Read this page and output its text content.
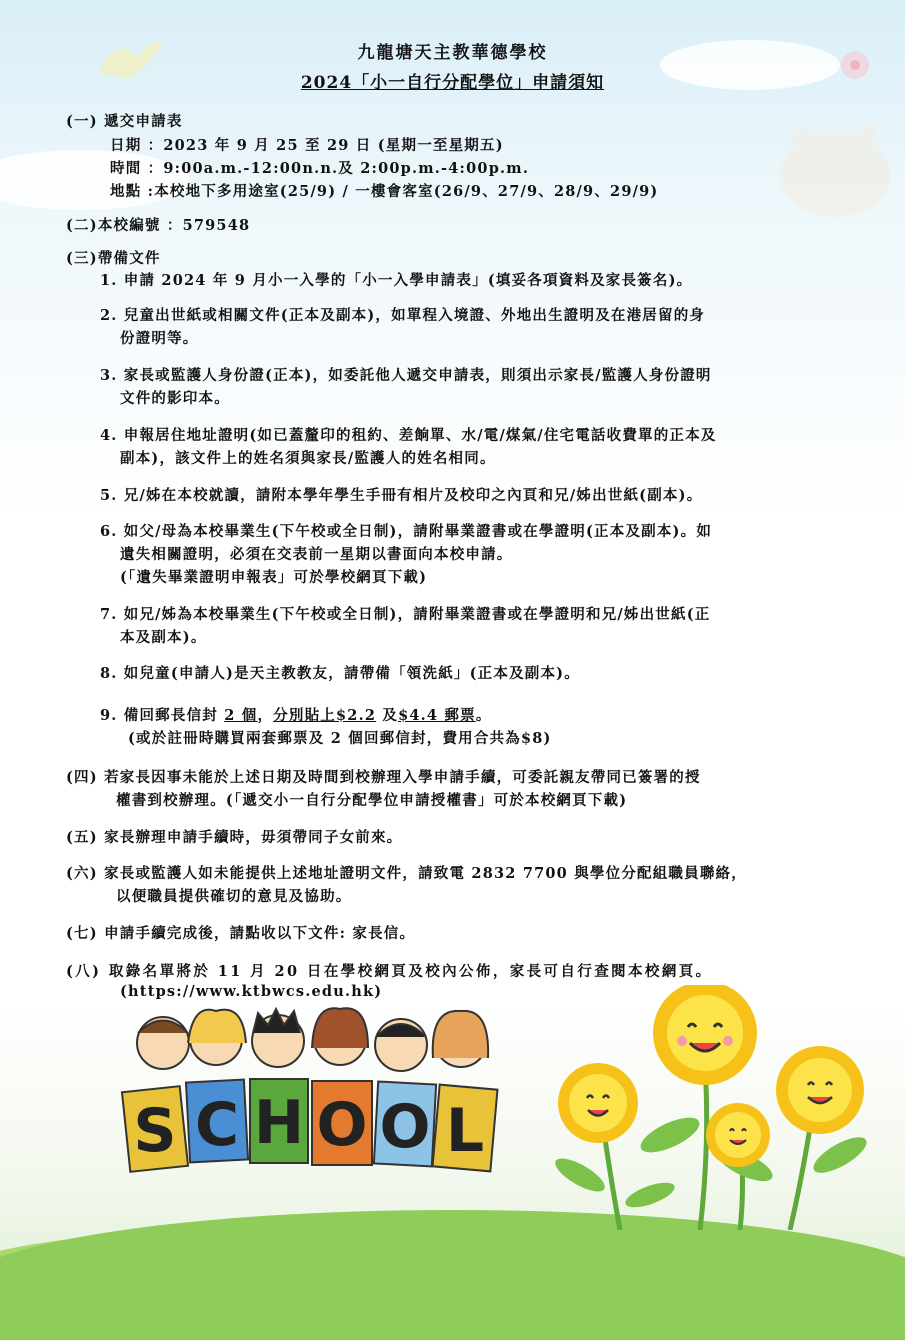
九龍塘天主教華德學校
2024「小一自行分配學位」申請須知
(一) 遞交申請表
日期 ：2023 年 9 月 25 至 29 日 (星期一至星期五)
時間 ：9:00a.m.-12:00n.n.及 2:00p.m.-4:00p.m.
地點 :本校地下多用途室(25/9) / 一樓會客室(26/9、27/9、28/9、29/9)
(二)本校編號 ：579548
(三)帶備文件
1. 申請 2024 年 9 月小一入學的「小一入學申請表」(填妥各項資料及家長簽名)。
2. 兒童出世紙或相關文件(正本及副本)，如單程入境證、外地出生證明及在港居留的身
份證明等。
3. 家長或監護人身份證(正本)，如委託他人遞交申請表，則須出示家長/監護人身份證明
文件的影印本。
4. 申報居住地址證明(如已蓋釐印的租約、差餉單、水/電/煤氣/住宅電話收費單的正本及
副本)，該文件上的姓名須與家長/監護人的姓名相同。
5. 兄/姊在本校就讀，請附本學年學生手冊有相片及校印之內頁和兄/姊出世紙(副本)。
6. 如父/母為本校畢業生(下午校或全日制)，請附畢業證書或在學證明(正本及副本)。如
遺失相關證明，必須在交表前一星期以書面向本校申請。
(「遺失畢業證明申報表」可於學校網頁下載)
7. 如兄/姊為本校畢業生(下午校或全日制)，請附畢業證書或在學證明和兄/姊出世紙(正
本及副本)。
8. 如兒童(申請人)是天主教教友，請帶備「領洗紙」(正本及副本)。
9. 備回郵長信封 2 個，分別貼上$2.2 及$4.4 郵票。
(或於註冊時購買兩套郵票及 2 個回郵信封，費用合共為$8)
(四) 若家長因事未能於上述日期及時間到校辦理入學申請手續，可委託親友帶同已簽署的授
權書到校辦理。(「遞交小一自行分配學位申請授權書」可於本校網頁下載)
(五) 家長辦理申請手續時，毋須帶同子女前來。
(六) 家長或監護人如未能提供上述地址證明文件，請致電 2832 7700 與學位分配組職員聯絡，
以便職員提供確切的意見及協助。
(七) 申請手續完成後，請點收以下文件: 家長信。
(八) 取錄名單將於 11 月 20 日在學校網頁及校內公佈，家長可自行查閱本校網頁。
(https://www.ktbwcs.edu.hk)
S C H O O L
